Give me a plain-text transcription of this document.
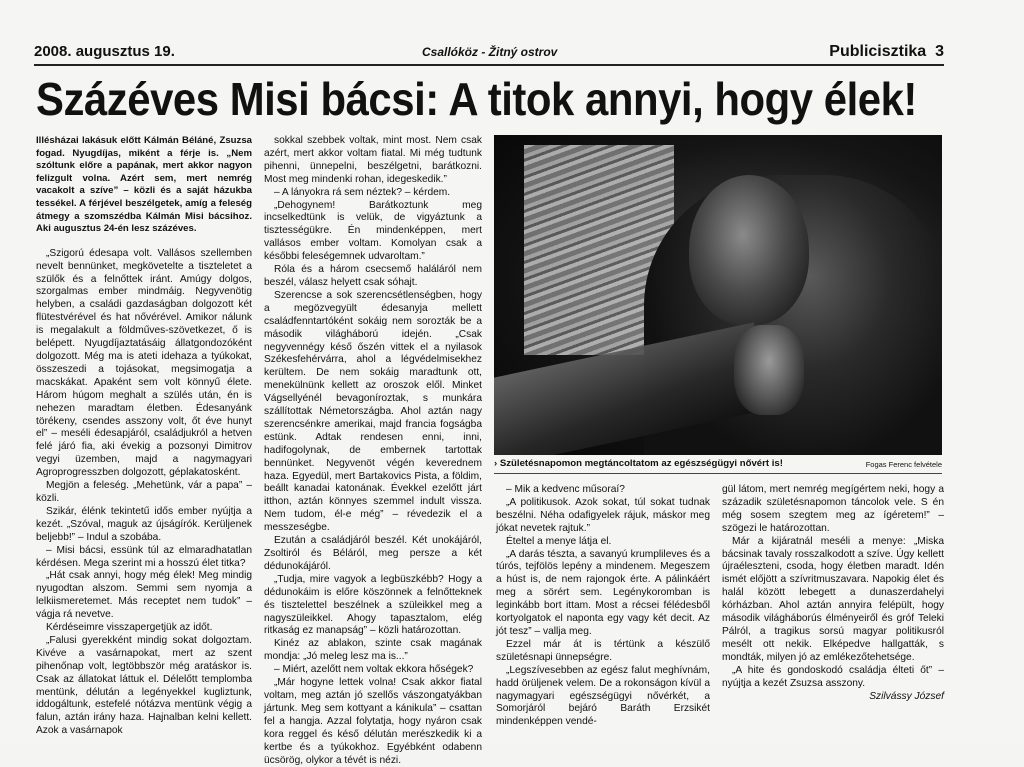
2008. augusztus 19.	Csallóköz - Žitný ostrov	Publicisztika 3
Százéves Misi bácsi: A titok annyi, hogy élek!

Illésházai lakásuk előtt Kálmán Béláné, Zsuzsa fogad. Nyugdíjas, miként a férje is. „Nem szóltunk előre a papának, mert akkor nagyon felizgult volna. Azért sem, mert nemrég vacakolt a szíve” – közli és a saját házukba tessékel. A férjével beszélgetek, amíg a feleség átmegy a szomszédba Kálmán Misi bácsihoz. Aki augusztus 24-én lesz százéves.

„Szigorú édesapa volt. Vallásos szellemben nevelt bennünket, megkövetelte a tiszteletet a szülők és a felnőttek iránt. Amúgy dolgos, szorgalmas ember mindmáig. Negyvenötig helyben, a családi gazdaságban dolgozott két flütestvérével és hat nővérével. Amikor nálunk is megalakult a földműves-szövetkezet, ő is belépett. Nyugdíjaztatásáig állatgondozóként dolgozott. Még ma is ateti idehaza a tyúkokat, összeszedi a tojásokat, megsimogatja a macskákat. Apaként sem volt könnyű élete. Három húgom meghalt a szülés után, én is nehezen maradtam életben. Édesanyánk törékeny, csendes asszony volt, őt éve hunyt el” – meséli édesapjáról, családjukról a hetven felé járó fia, aki évekig a pozsonyi Dimitrov vegyi üzemben, majd a nagymagyari Agroprogresszben dolgozott, géplakatosként.

Megjön a feleség. „Mehetünk, vár a papa” – közli.

Szikár, élénk tekintetű idős ember nyújtja a kezét. „Szóval, maguk az újságírók. Kerüljenek beljebb!” – Indul a szobába.

– Misi bácsi, essünk túl az elmaradhatatlan kérdésen. Mega szerint mi a hosszú élet titka?

„Hát csak annyi, hogy még élek! Meg mindig nyugodtan alszom. Semmi sem nyomja a lelkiismeretemet. Más receptet nem tudok” – vágja rá nevetve.

Kérdéseimre visszapergetjük az időt.

„Falusi gyerekként mindig sokat dolgoztam. Kivéve a vasárnapokat, mert az szent pihenőnap volt, legtöbbször még aratáskor is. Csak az állatokat láttuk el. Délelőtt templomba mentünk, délután a legényekkel kugliztunk, iddogáltunk, estefelé nótázva mentünk végig a falun, aztán irány haza. Hajnalban kelni kellett. Azok a vasárnapok

sokkal szebbek voltak, mint most. Nem csak azért, mert akkor voltam fiatal. Mi még tudtunk pihenni, ünnepelni, beszélgetni, barátkozni. Most meg mindenki rohan, idegeskedik.”

– A lányokra rá sem néztek? – kérdem.

„Dehogynem! Barátkoztunk meg incselkedtünk is velük, de vigyáztunk a tisztességükre. Én mindenképpen, mert vallásos ember voltam. Komolyan csak a későbbi feleségemnek udvaroltam.”

Róla és a három csecsemő haláláról nem beszél, válasz helyett csak sóhajt.

Szerencse a sok szerencsétlenségben, hogy a megözvegyült édesanyja mellett családfenntartóként sokáig nem sorozták be a második világháború idején. „Csak negyvennégy késő őszén vittek el a nyilasok Székesfehérvárra, ahol a légvédelmisekhez kerültem. De nem sokáig maradtunk ott, menekülnünk kellett az oroszok elől. Minket Vágsellyénél bevagoníroztak, s munkára szállítottak Németországba. Ahol aztán nagy szerencsénkre amerikai, majd francia fogságba estünk. Adtak rendesen enni, inni, hadifogolynak, de embernek tartottak bennünket. Negyvenöt végén keverednem haza. Egyedül, mert Bartakovics Pista, a földim, beállt kanadai katonának. Évekkel ezelőtt járt itthon, aztán könnyes szemmel indult vissza. Nem tudom, él-e még” – révedezik el a messzeségbe.

Ezután a családjáról beszél. Két unokájáról, Zsoltiról és Béláról, meg persze a két dédunokájáról.

„Tudja, mire vagyok a legbüszkébb? Hogy a dédunokáim is előre köszönnek a felnőtteknek és tisztelettel beszélnek a szüleikkel meg a nagyszüleikkel. Ahogy tapasztalom, elég ritkaság ez manapság” – közli határozottan.

Kinéz az ablakon, szinte csak magának mondja: „Jó meleg lesz ma is...”

– Miért, azelőtt nem voltak ekkora hőségek?

„Már hogyne lettek volna! Csak akkor fiatal voltam, meg aztán jó szellős vászongatyákban jártunk. Meg sem kottyant a kánikula” – csattan fel a hangja. Azzal folytatja, hogy nyáron csak kora reggel és késő délután merészkedik ki a kertbe és a tyúkokhoz. Egyébként odabenn ücsörög, olykor a tévét is nézi.

› Születésnapomon megtáncoltatom az egészségügyi nővért is!	Fogas Ferenc felvétele

– Mik a kedvenc műsoraí?

„A politikusok. Azok sokat, túl sokat tudnak beszélni. Néha odafigyelek rájuk, máskor meg jókat nevetek rajtuk.”

Ételtel a menye látja el.

„A darás tészta, a savanyú krumplileves és a túrós, tejfölös lepény a mindenem. Megeszem a húst is, de nem rajongok érte. A pálinkáért meg a sörért sem. Legénykoromban is leginkább bort ittam. Most a récsei félédesből kortyolgatok el naponta egy vagy két decit. Az jót tesz” – vallja meg.

Ezzel már át is tértünk a készülő születésnapi ünnepségre.

„Legszívesebben az egész falut meghívnám, hadd örüljenek velem. De a rokonságon kívül a nagymagyari egészségügyi nővérkét, a Somorjáról bejáró Baráth Erzsikét mindenképpen vendé-

gül látom, mert nemrég megígértem neki, hogy a századik születésnapomon táncolok vele. S én még sosem szegtem meg az ígéretem!” – szögezi le határozottan.

Már a kijáratnál meséli a menye: „Miska bácsinak tavaly rosszalkodott a szíve. Úgy kellett újraéleszteni, csoda, hogy életben maradt. Idén ismét előjött a szívritmuszavara. Napokig élet és halál között lebegett a dunaszerdahelyi kórházban. Ahol aztán annyira felépült, hogy második világháborús élményeiről és gróf Teleki Pálról, a tragikus sorsú magyar politikusról mesélt ott nekik. Elképedve hallgatták, s mondták, milyen jó az emlékezőtehetsége.

„A hite és gondoskodó családja élteti őt” – nyújtja a kezét Zsuzsa asszony.

Szilvássy József
